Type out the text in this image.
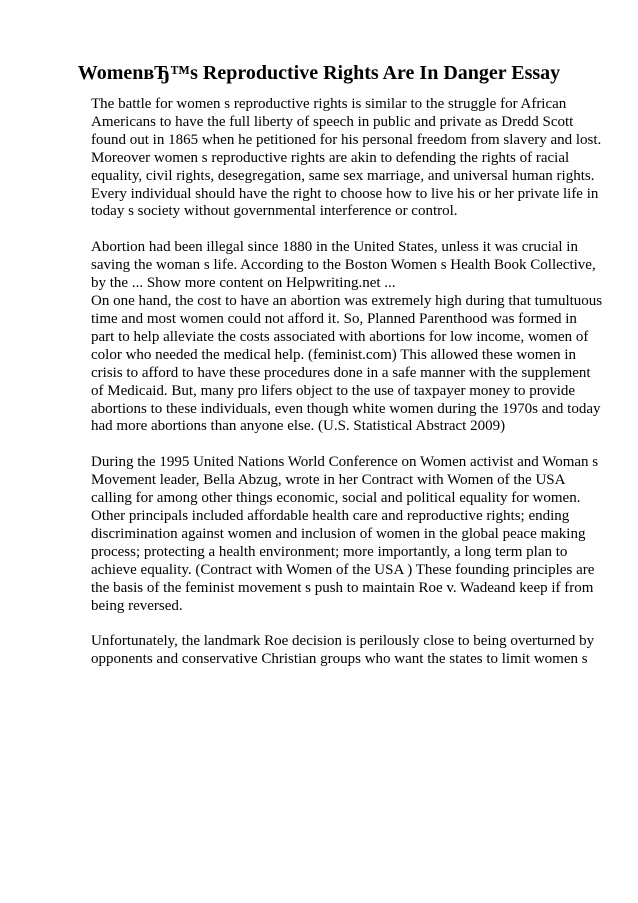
WomenвЂ™s Reproductive Rights Are In Danger Essay

The battle for women s reproductive rights is similar to the struggle for African
Americans to have the full liberty of speech in public and private as Dredd Scott
found out in 1865 when he petitioned for his personal freedom from slavery and lost.
Moreover women s reproductive rights are akin to defending the rights of racial
equality, civil rights, desegregation, same sex marriage, and universal human rights.
Every individual should have the right to choose how to live his or her private life in
today s society without governmental interference or control.

Abortion had been illegal since 1880 in the United States, unless it was crucial in
saving the woman s life. According to the Boston Women s Health Book Collective,
by the ... Show more content on Helpwriting.net ...
On one hand, the cost to have an abortion was extremely high during that tumultuous
time and most women could not afford it. So, Planned Parenthood was formed in
part to help alleviate the costs associated with abortions for low income, women of
color who needed the medical help. (feminist.com) This allowed these women in
crisis to afford to have these procedures done in a safe manner with the supplement
of Medicaid. But, many pro lifers object to the use of taxpayer money to provide
abortions to these individuals, even though white women during the 1970s and today
had more abortions than anyone else. (U.S. Statistical Abstract 2009)

During the 1995 United Nations World Conference on Women activist and Woman s
Movement leader, Bella Abzug, wrote in her Contract with Women of the USA
calling for among other things economic, social and political equality for women.
Other principals included affordable health care and reproductive rights; ending
discrimination against women and inclusion of women in the global peace making
process; protecting a health environment; more importantly, a long term plan to
achieve equality. (Contract with Women of the USA ) These founding principles are
the basis of the feminist movement s push to maintain Roe v. Wadeand keep if from
being reversed.

Unfortunately, the landmark Roe decision is perilously close to being overturned by
opponents and conservative Christian groups who want the states to limit women s
